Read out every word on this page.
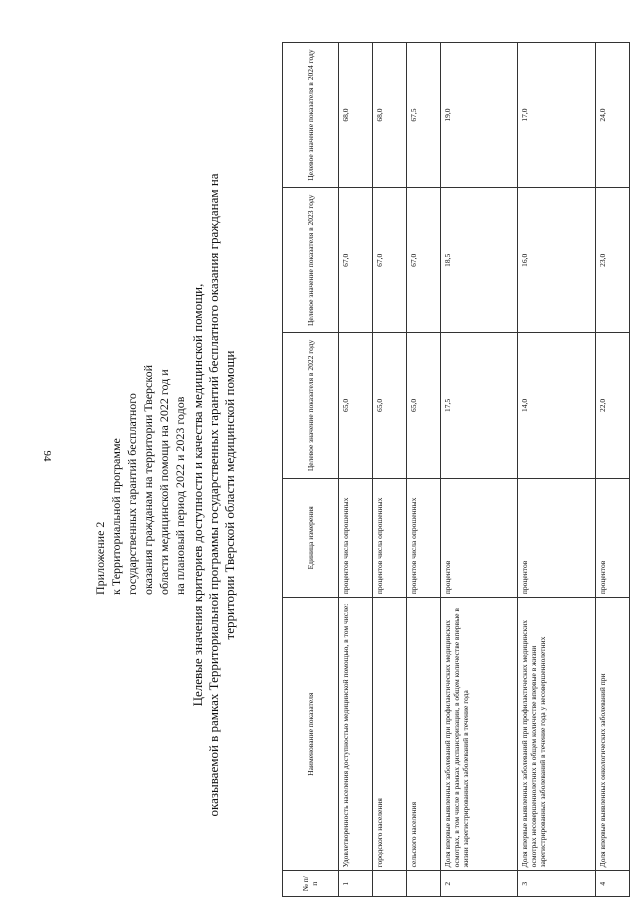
94
Приложение 2 к Территориальной программе государственных гарантий бесплатного оказания гражданам на территории Тверской области медицинской помощи на 2022 год и на плановый период 2022 и 2023 годов Целевые значения критериев доступности и качества медицинской помощи, оказываемой в рамках Территориальной программы государственных гарантий бесплатного оказания гражданам на территории Тверской области медицинской помощи
№ п/п	Наименование показателя	Единица измерения	Целевое значение показателя в 2022 году	Целевое значение показателя в 2023 году	Целевое значение показателя в 2024 году
1	Удовлетворенность населения доступностью медицинской помощью, в том числе:	процентов числа опрошенных	65,0	67,0	68,0
	городского населения	процентов числа опрошенных	65,0	67,0	68,0
	сельского населения	процентов числа опрошенных	65,0	67,0	67,5
2	Доля впервые выявленных заболеваний при профилактических медицинских осмотрах, в том числе в рамках диспансеризации, в общем количестве впервые в жизни зарегистрированных заболеваний в течение года	процентов	17,5	18,5	19,0
3	Доля впервые выявленных заболеваний при профилактических медицинских осмотрах несовершеннолетних в общем количестве впервые в жизни зарегистрированных заболеваний в течение года у несовершеннолетних	процентов	14,0	16,0	17,0
4	Доля впервые выявленных онкологических заболеваний при	процентов	22,0	23,0	24,0
